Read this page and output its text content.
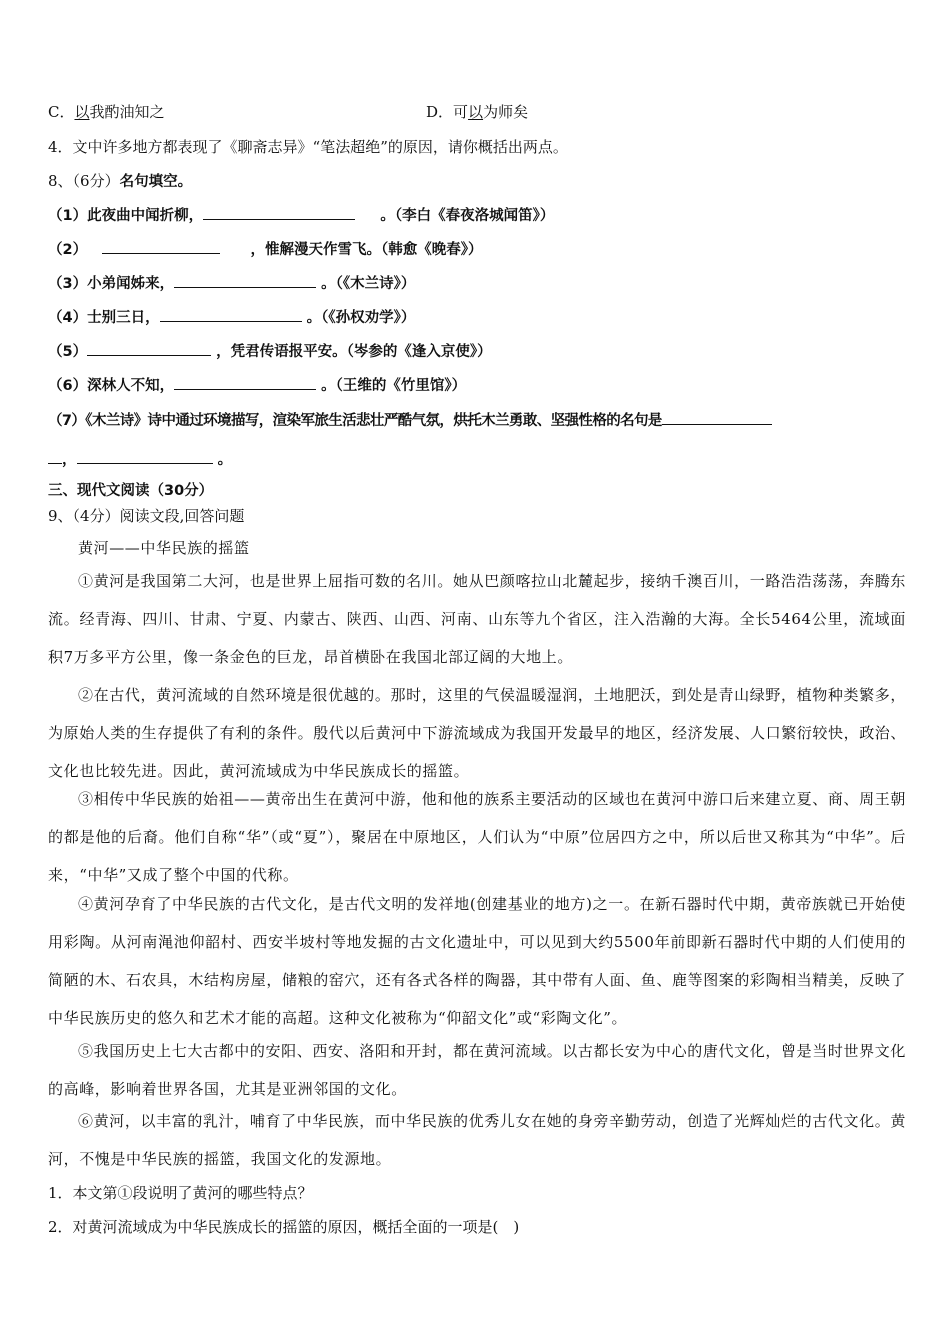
C．以我酌油知之	D．可以为师矣
4．文中许多地方都表现了《聊斋志异》“笔法超绝”的原因，请你概括出两点。
8、（6分）名句填空。
（1）此夜曲中闻折柳，	。（李白《春夜洛城闻笛》）
（2）	，惟解漫天作雪飞。（韩愈《晚春》）
（3）小弟闻姊来，	。（《木兰诗》）
（4）士别三日，	。（《孙权劝学》）
（5）	，凭君传语报平安。（岑参的《逢入京使》）
（6）深林人不知，	。（王维的《竹里馆》）
（7）《木兰诗》诗中通过环境描写，渲染军旅生活悲壮严酷气氛，烘托木兰勇敢、坚强性格的名句是
，	。
三、现代文阅读（30分）
9、（4分）阅读文段,回答问题
黄河——中华民族的摇篮
①黄河是我国第二大河，也是世界上屈指可数的名川。她从巴颜喀拉山北麓起步，接纳千澳百川，一路浩浩荡荡，奔腾东流。经青海、四川、甘肃、宁夏、内蒙古、陕西、山西、河南、山东等九个省区，注入浩瀚的大海。全长5464公里，流域面积7万多平方公里，像一条金色的巨龙，昂首横卧在我国北部辽阔的大地上。
②在古代，黄河流域的自然环境是很优越的。那时，这里的气侯温暖湿润，土地肥沃，到处是青山绿野，植物种类繁多，为原始人类的生存提供了有利的条件。殷代以后黄河中下游流域成为我国开发最早的地区，经济发展、人口繁衍较快，政治、文化也比较先进。因此，黄河流域成为中华民族成长的摇篮。
③相传中华民族的始祖——黄帝出生在黄河中游，他和他的族系主要活动的区域也在黄河中游口后来建立夏、商、周王朝的都是他的后裔。他们自称“华”（或“夏”），聚居在中原地区，人们认为“中原”位居四方之中，所以后世又称其为“中华”。后来，“中华”又成了整个中国的代称。
④黄河孕育了中华民族的古代文化，是古代文明的发祥地(创建基业的地方)之一。在新石器时代中期，黄帝族就已开始使用彩陶。从河南渑池仰韶村、西安半坡村等地发掘的古文化遗址中，可以见到大约5500年前即新石器时代中期的人们使用的简陋的木、石农具，木结构房屋，储粮的窑穴，还有各式各样的陶器，其中带有人面、鱼、鹿等图案的彩陶相当精美，反映了中华民族历史的悠久和艺术才能的高超。这种文化被称为“仰韶文化”或“彩陶文化”。
⑤我国历史上七大古都中的安阳、西安、洛阳和开封，都在黄河流域。以古都长安为中心的唐代文化，曾是当时世界文化的高峰，影响着世界各国，尤其是亚洲邻国的文化。
⑥黄河，以丰富的乳汁，哺育了中华民族，而中华民族的优秀儿女在她的身旁辛勤劳动，创造了光辉灿烂的古代文化。黄河，不愧是中华民族的摇篮，我国文化的发源地。
1．本文第①段说明了黄河的哪些特点？
2．对黄河流域成为中华民族成长的摇篮的原因，概括全面的一项是(　)
